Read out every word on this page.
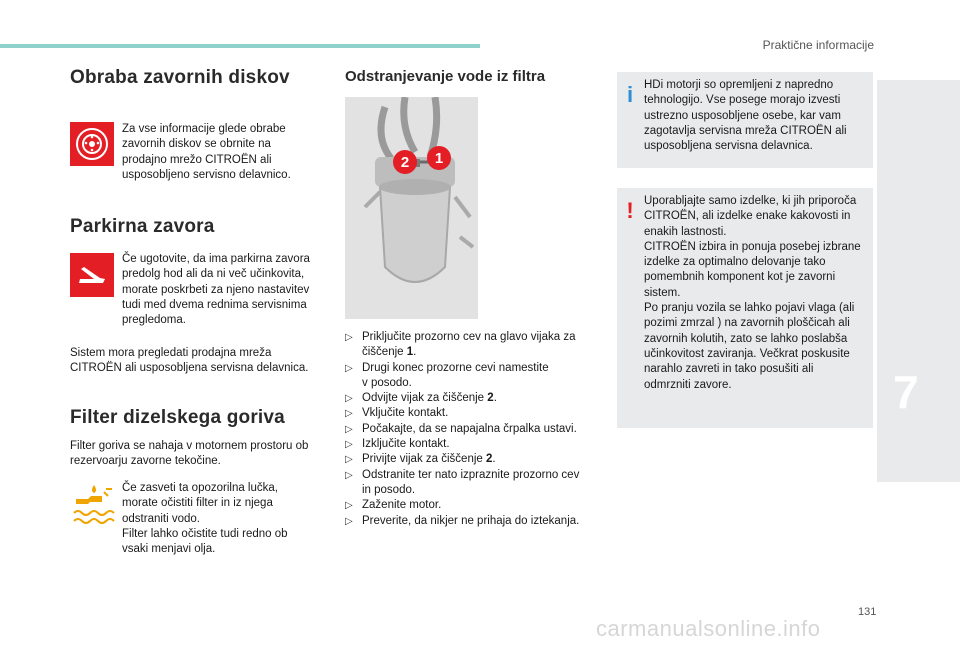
Praktične informacije
Obraba zavornih diskov
Za vse informacije glede obrabe
zavornih diskov se obrnite na
prodajno mrežo CITROËN ali
usposobljeno servisno delavnico.
Parkirna zavora
Če ugotovite, da ima parkirna zavora
predolg hod ali da ni več učinkovita,
morate poskrbeti za njeno nastavitev
tudi med dvema rednima servisnima
pregledoma.
Sistem mora pregledati prodajna mreža
CITROËN ali usposobljena servisna delavnica.
Filter dizelskega goriva
Filter goriva se nahaja v motornem prostoru ob
rezervoarju zavorne tekočine.
Če zasveti ta opozorilna lučka,
morate očistiti filter in iz njega
odstraniti vodo.
Filter lahko očistite tudi redno ob
vsaki menjavi olja.
Odstranjevanje vode iz filtra
2	1
▷ Priključite prozorno cev na glavo vijaka za
čiščenje 1.
▷ Drugi konec prozorne cevi namestite
v posodo.
▷ Odvijte vijak za čiščenje 2.
▷ Vključite kontakt.
▷ Počakajte, da se napajalna črpalka ustavi.
▷ Izključite kontakt.
▷ Privijte vijak za čiščenje 2.
▷ Odstranite ter nato izpraznite prozorno cev
in posodo.
▷ Zaženite motor.
▷ Preverite, da nikjer ne prihaja do iztekanja.
i HDi motorji so opremljeni z napredno
tehnologijo. Vse posege morajo izvesti
ustrezno usposobljene osebe, kar vam
zagotavlja servisna mreža CITROËN ali
usposobljena servisna delavnica.
! Uporabljajte samo izdelke, ki jih priporoča
CITROËN, ali izdelke enake kakovosti in
enakih lastnosti.
CITROËN izbira in ponuja posebej izbrane
izdelke za optimalno delovanje tako
pomembnih komponent kot je zavorni
sistem.
Po pranju vozila se lahko pojavi vlaga (ali
pozimi zmrzal ) na zavornih ploščicah ali
zavornih kolutih, zato se lahko poslabša
učinkovitost zaviranja. Večkrat poskusite
narahlo zavreti in tako posušiti ali
odmrzniti zavore.	7
131
carmanualsonline.info
